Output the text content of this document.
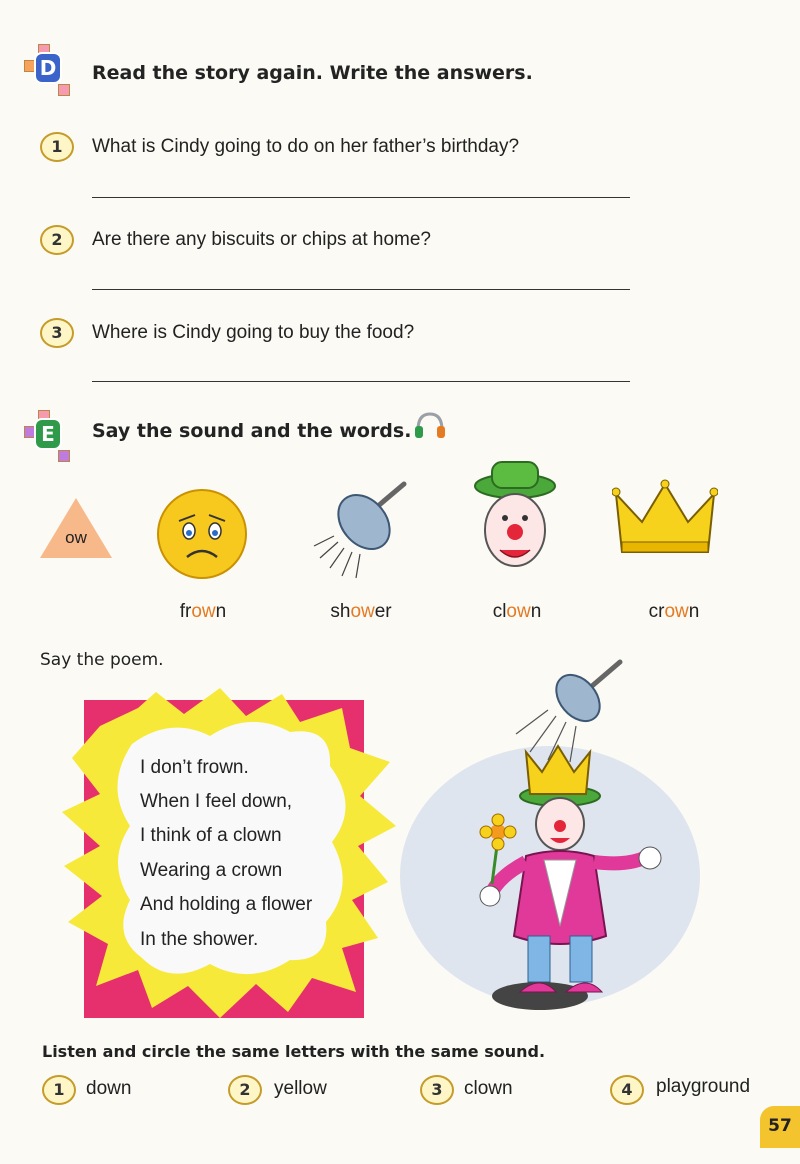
D Read the story again. Write the answers.
1	What is Cindy going to do on her father’s birthday?
2	Are there any biscuits or chips at home?
3	Where is Cindy going to buy the food?
E Say the sound and the words.
ow
frown	shower	clown	crown
Say the poem.
I don’t frown.
When I feel down,
I think of a clown
Wearing a crown
And holding a flower
In the shower.
Listen and circle the same letters with the same sound.
1	down	2	yellow	3	clown	4	playground
57
